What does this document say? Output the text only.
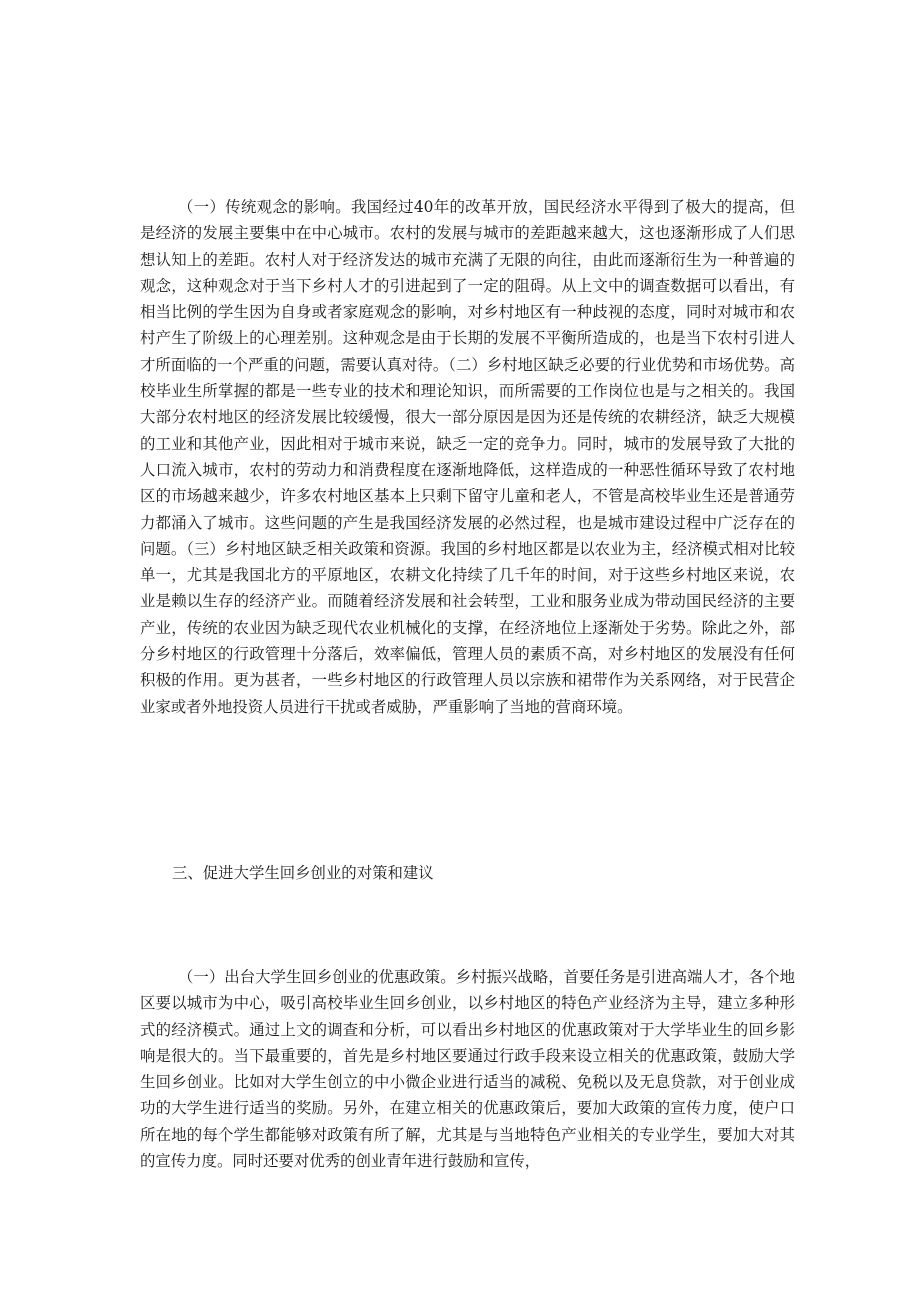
（一）传统观念的影响。我国经过40年的改革开放，国民经济水平得到了极大的提高，但是经济的发展主要集中在中心城市。农村的发展与城市的差距越来越大，这也逐渐形成了人们思想认知上的差距。农村人对于经济发达的城市充满了无限的向往，由此而逐渐衍生为一种普遍的观念，这种观念对于当下乡村人才的引进起到了一定的阻碍。从上文中的调查数据可以看出，有相当比例的学生因为自身或者家庭观念的影响，对乡村地区有一种歧视的态度，同时对城市和农村产生了阶级上的心理差别。这种观念是由于长期的发展不平衡所造成的，也是当下农村引进人才所面临的一个严重的问题，需要认真对待。（二）乡村地区缺乏必要的行业优势和市场优势。高校毕业生所掌握的都是一些专业的技术和理论知识，而所需要的工作岗位也是与之相关的。我国大部分农村地区的经济发展比较缓慢，很大一部分原因是因为还是传统的农耕经济，缺乏大规模的工业和其他产业，因此相对于城市来说，缺乏一定的竞争力。同时，城市的发展导致了大批的人口流入城市，农村的劳动力和消费程度在逐渐地降低，这样造成的一种恶性循环导致了农村地区的市场越来越少，许多农村地区基本上只剩下留守儿童和老人，不管是高校毕业生还是普通劳力都涌入了城市。这些问题的产生是我国经济发展的必然过程，也是城市建设过程中广泛存在的问题。（三）乡村地区缺乏相关政策和资源。我国的乡村地区都是以农业为主，经济模式相对比较单一，尤其是我国北方的平原地区，农耕文化持续了几千年的时间，对于这些乡村地区来说，农业是赖以生存的经济产业。而随着经济发展和社会转型，工业和服务业成为带动国民经济的主要产业，传统的农业因为缺乏现代农业机械化的支撑，在经济地位上逐渐处于劣势。除此之外，部分乡村地区的行政管理十分落后，效率偏低，管理人员的素质不高，对乡村地区的发展没有任何积极的作用。更为甚者，一些乡村地区的行政管理人员以宗族和裙带作为关系网络，对于民营企业家或者外地投资人员进行干扰或者威胁，严重影响了当地的营商环境。

三、促进大学生回乡创业的对策和建议

（一）出台大学生回乡创业的优惠政策。乡村振兴战略，首要任务是引进高端人才，各个地区要以城市为中心，吸引高校毕业生回乡创业，以乡村地区的特色产业经济为主导，建立多种形式的经济模式。通过上文的调查和分析，可以看出乡村地区的优惠政策对于大学毕业生的回乡影响是很大的。当下最重要的，首先是乡村地区要通过行政手段来设立相关的优惠政策，鼓励大学生回乡创业。比如对大学生创立的中小微企业进行适当的减税、免税以及无息贷款，对于创业成功的大学生进行适当的奖励。另外，在建立相关的优惠政策后，要加大政策的宣传力度，使户口所在地的每个学生都能够对政策有所了解，尤其是与当地特色产业相关的专业学生，要加大对其的宣传力度。同时还要对优秀的创业青年进行鼓励和宣传，
